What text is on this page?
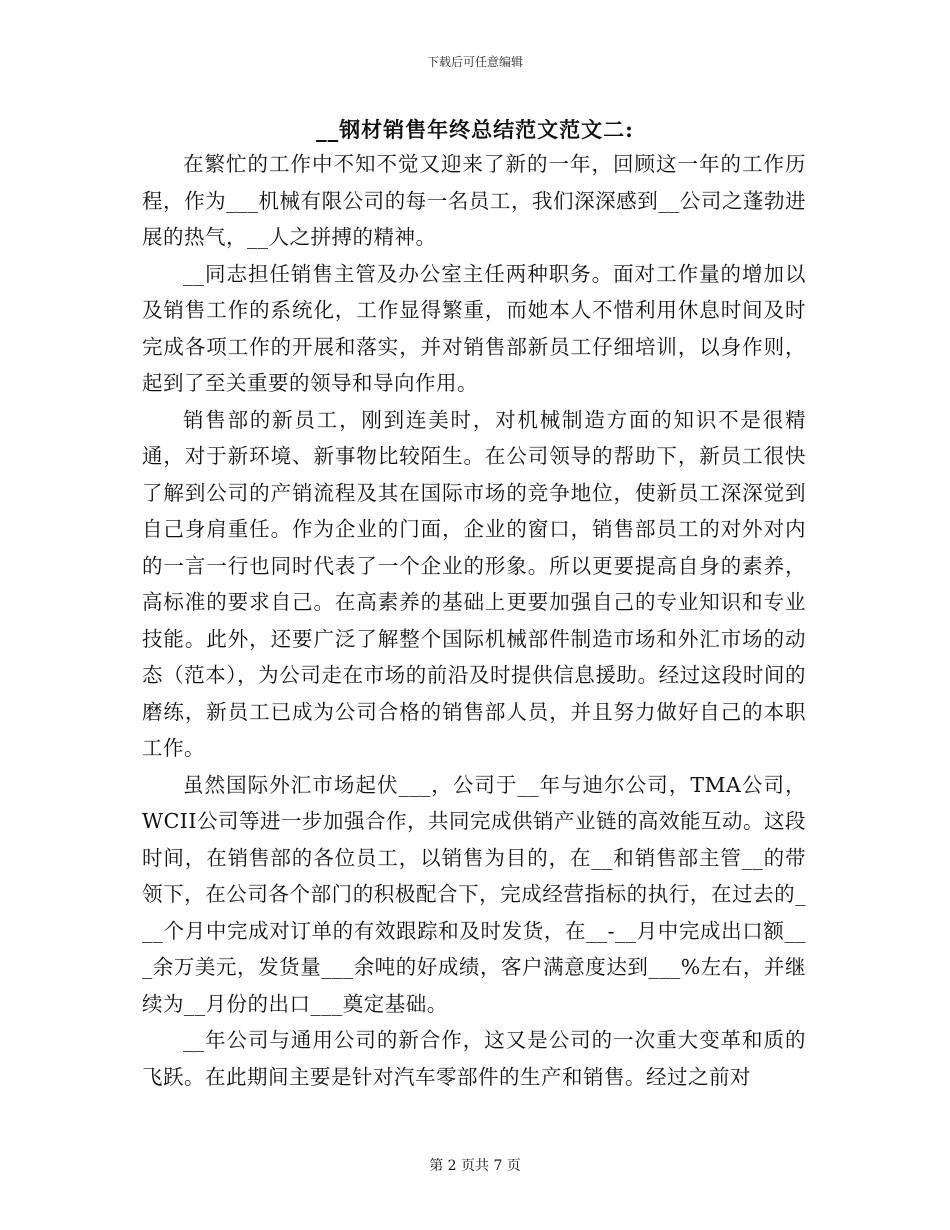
下载后可任意编辑
__钢材销售年终总结范文范文二:

在繁忙的工作中不知不觉又迎来了新的一年，回顾这一年的工作历程，作为___机械有限公司的每一名员工，我们深深感到__公司之蓬勃进展的热气，__人之拼搏的精神。

__同志担任销售主管及办公室主任两种职务。面对工作量的增加以及销售工作的系统化，工作显得繁重，而她本人不惜利用休息时间及时完成各项工作的开展和落实，并对销售部新员工仔细培训，以身作则，起到了至关重要的领导和导向作用。

销售部的新员工，刚到连美时，对机械制造方面的知识不是很精通，对于新环境、新事物比较陌生。在公司领导的帮助下，新员工很快了解到公司的产销流程及其在国际市场的竞争地位，使新员工深深觉到自己身肩重任。作为企业的门面，企业的窗口，销售部员工的对外对内的一言一行也同时代表了一个企业的形象。所以更要提高自身的素养，高标准的要求自己。在高素养的基础上更要加强自己的专业知识和专业技能。此外，还要广泛了解整个国际机械部件制造市场和外汇市场的动态（范本），为公司走在市场的前沿及时提供信息援助。经过这段时间的磨练，新员工已成为公司合格的销售部人员，并且努力做好自己的本职工作。

虽然国际外汇市场起伏___，公司于__年与迪尔公司，TMA公司，WCII公司等进一步加强合作，共同完成供销产业链的高效能互动。这段时间，在销售部的各位员工，以销售为目的，在__和销售部主管__的带领下，在公司各个部门的积极配合下，完成经营指标的执行，在过去的___个月中完成对订单的有效跟踪和及时发货，在__-__月中完成出口额___余万美元，发货量___余吨的好成绩，客户满意度达到___%左右，并继续为__月份的出口___奠定基础。

__年公司与通用公司的新合作，这又是公司的一次重大变革和质的飞跃。在此期间主要是针对汽车零部件的生产和销售。经过之前对

第 2 页共 7 页
